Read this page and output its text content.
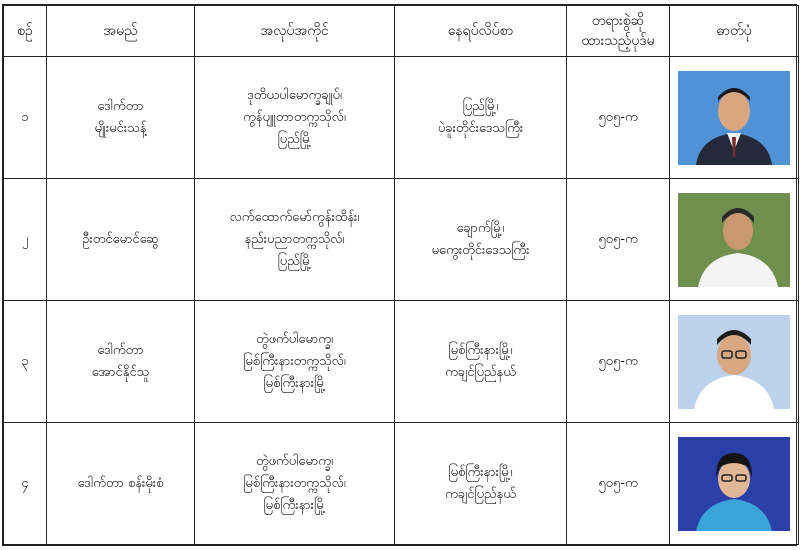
စဉ်	အမည်	အလုပ်အကိုင်	နေရပ်လိပ်စာ	တရားစွဲဆို
ထားသည့်ပုဒ်မ	ဓာတ်ပုံ
၁	ဒေါက်တာ
မျိုးမင်းသန့်	ဒုတိယပါမောက္ခချုပ်၊
ကွန်ပျူတာတက္ကသိုလ်၊
ပြည်မြို့	ပြည်မြို့၊
ပဲခူးတိုင်းဒေသကြီး	၅၀၅-က	

၂	ဦးတင်မောင်ဆွေ	လက်ထောက်မော်ကွန်းထိန်း၊
နည်းပညာတက္ကသိုလ်၊
ပြည်မြို့	ချောက်မြို့၊
မကွေးတိုင်းဒေသကြီး	၅၀၅-က	

၃	ဒေါက်တာ
အောင်နိုင်သူ	တွဲဖက်ပါမောက္ခ၊
မြစ်ကြီးနားတက္ကသိုလ်၊
မြစ်ကြီးနားမြို့	မြစ်ကြီးနားမြို့၊
ကချင်ပြည်နယ်	၅၀၅-က	

၄	ဒေါက်တာ စန်းမိုးစံ	တွဲဖက်ပါမောက္ခ၊
မြစ်ကြီးနားတက္ကသိုလ်၊
မြစ်ကြီးနားမြို့	မြစ်ကြီးနားမြို့၊
ကချင်ပြည်နယ်	၅၀၅-က	
